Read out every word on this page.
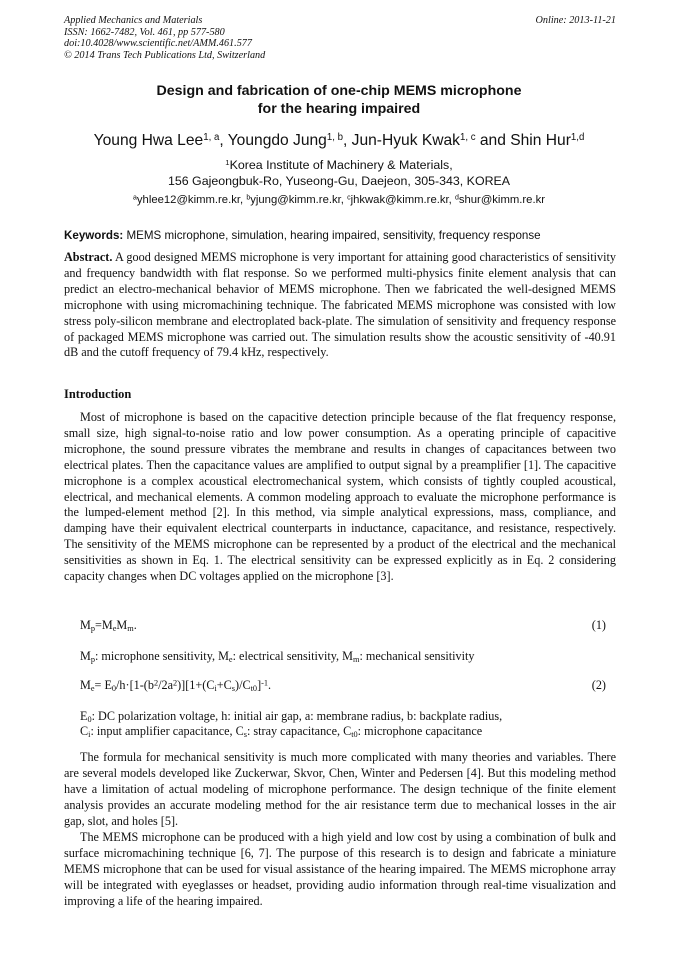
Applied Mechanics and Materials
ISSN: 1662-7482, Vol. 461, pp 577-580
doi:10.4028/www.scientific.net/AMM.461.577
© 2014 Trans Tech Publications Ltd, Switzerland
Online: 2013-11-21
Design and fabrication of one-chip MEMS microphone
for the hearing impaired
Young Hwa Lee$^{1, a}$, Youngdo Jung$^{1, b}$, Jun-Hyuk Kwak$^{1, c}$ and Shin Hur$^{1,d}$
$^1$Korea Institute of Machinery & Materials,
156 Gajeongbuk-Ro, Yuseong-Gu, Daejeon, 305-343, KOREA
$^a$yhlee12@kimm.re.kr, $^b$yjung@kimm.re.kr, $^c$jhkwak@kimm.re.kr, $^d$shur@kimm.re.kr
Keywords: MEMS microphone, simulation, hearing impaired, sensitivity, frequency response
Abstract. A good designed MEMS microphone is very important for attaining good characteristics of sensitivity and frequency bandwidth with flat response. So we performed multi-physics finite element analysis that can predict an electro-mechanical behavior of MEMS microphone. Then we fabricated the well-designed MEMS microphone with using micromachining technique. The fabricated MEMS microphone was consisted with low stress poly-silicon membrane and electroplated back-plate. The simulation of sensitivity and frequency response of packaged MEMS microphone was carried out. The simulation results show the acoustic sensitivity of -40.91 dB and the cutoff frequency of 79.4 kHz, respectively.
Introduction
Most of microphone is based on the capacitive detection principle because of the flat frequency response, small size, high signal-to-noise ratio and low power consumption. As a operating principle of capacitive microphone, the sound pressure vibrates the membrane and results in changes of capacitances between two electrical plates. Then the capacitance values are amplified to output signal by a preamplifier [1]. The capacitive microphone is a complex acoustical electromechanical system, which consists of tightly coupled acoustical, electrical, and mechanical elements. A common modeling approach to evaluate the microphone performance is the lumped-element method [2]. In this method, via simple analytical expressions, mass, compliance, and damping have their equivalent electrical counterparts in inductance, capacitance, and resistance, respectively. The sensitivity of the MEMS microphone can be represented by a product of the electrical and the mechanical sensitivities as shown in Eq. 1. The electrical sensitivity can be expressed explicitly as in Eq. 2 considering capacity changes when DC voltages applied on the microphone [3].
$M_p=M_eM_m$.	(1)
$M_p$: microphone sensitivity, $M_e$: electrical sensitivity, $M_m$: mechanical sensitivity
$M_e= E_0/h\cdot[1-(b^2/2a^2)][1+(C_i+C_s)/C_{t0}]^{-1}$.	(2)
$E_0$: DC polarization voltage, h: initial air gap, a: membrane radius, b: backplate radius,
$C_i$: input amplifier capacitance, $C_s$: stray capacitance, $C_{t0}$: microphone capacitance
The formula for mechanical sensitivity is much more complicated with many theories and variables. There are several models developed like Zuckerwar, Skvor, Chen, Winter and Pedersen [4]. But this modeling method have a limitation of actual modeling of microphone performance. The design technique of the finite element analysis provides an accurate modeling method for the air resistance term due to mechanical losses in the air gap, slot, and holes [5].
The MEMS microphone can be produced with a high yield and low cost by using a combination of bulk and surface micromachining technique [6, 7]. The purpose of this research is to design and fabricate a miniature MEMS microphone that can be used for visual assistance of the hearing impaired. The MEMS microphone array will be integrated with eyeglasses or headset, providing audio information through real-time visualization and improving a life of the hearing impaired.
